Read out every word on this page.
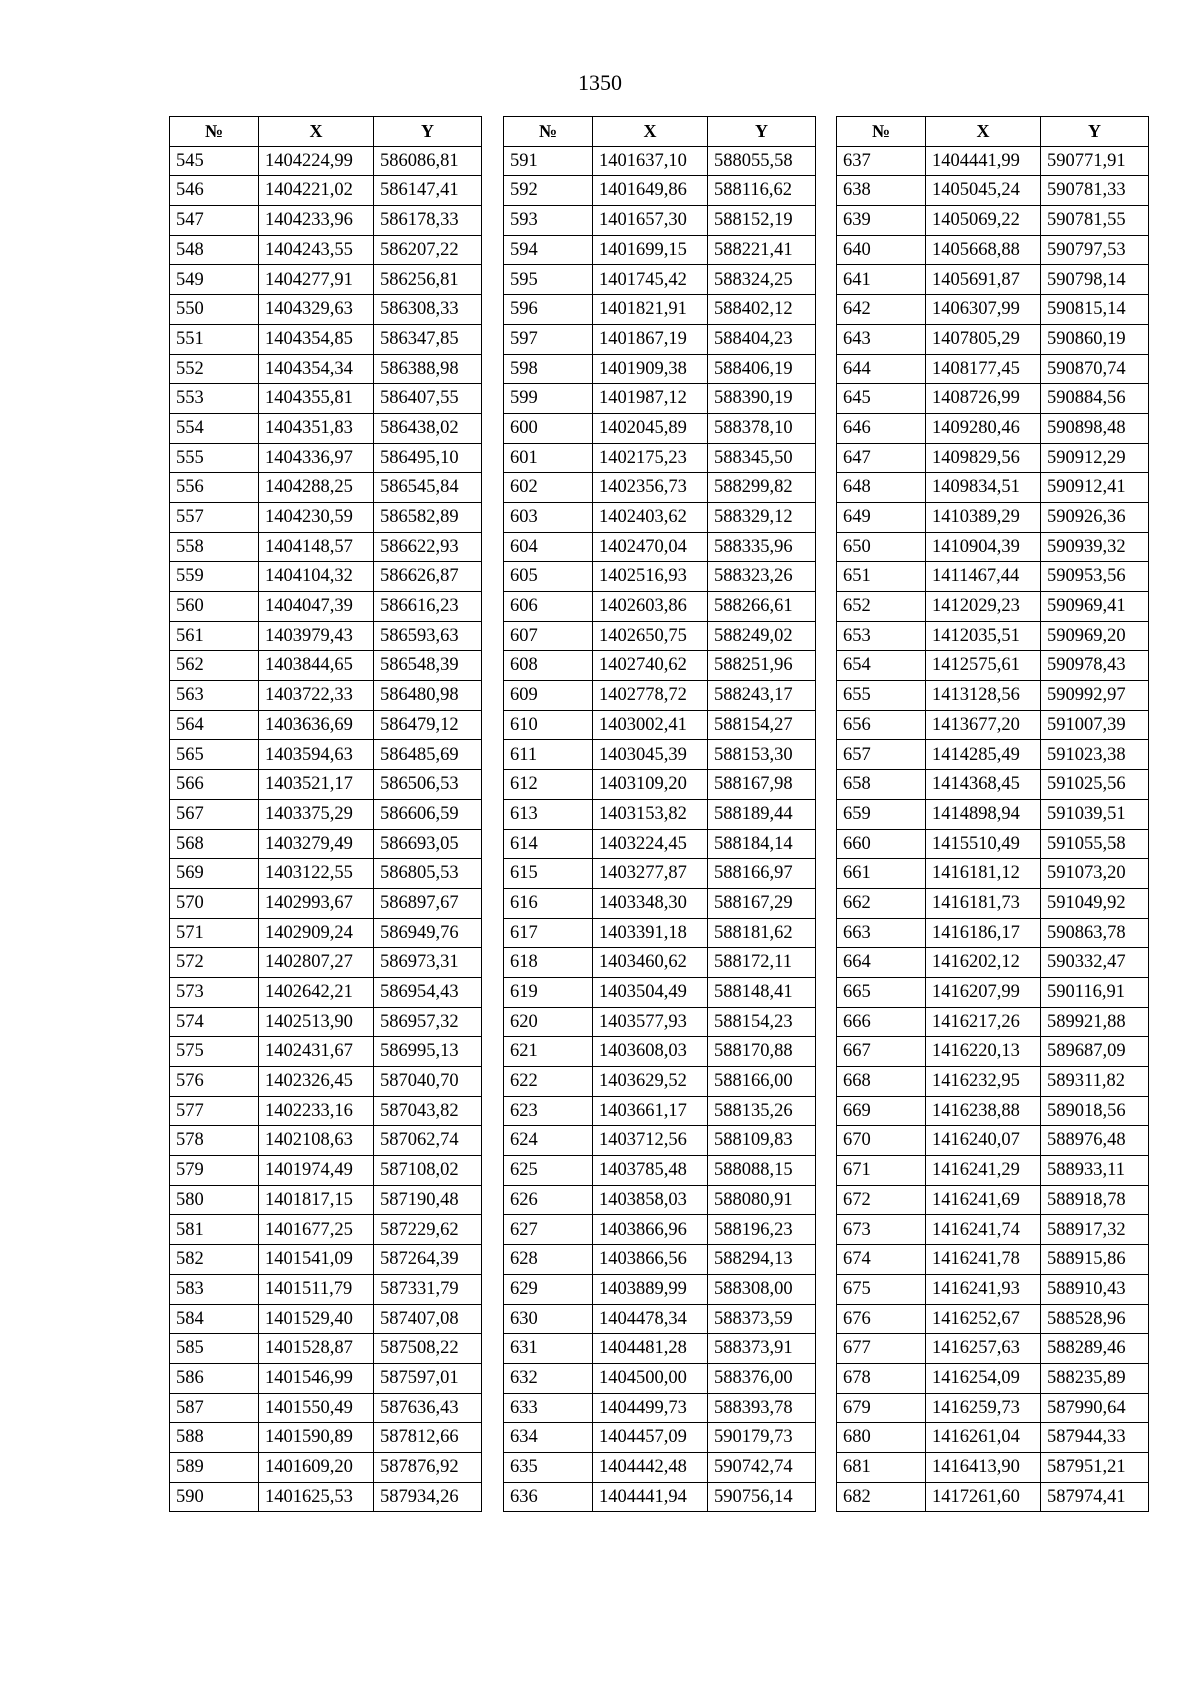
1350
№	X	Y
545	1404224,99	586086,81
546	1404221,02	586147,41
547	1404233,96	586178,33
548	1404243,55	586207,22
549	1404277,91	586256,81
550	1404329,63	586308,33
551	1404354,85	586347,85
552	1404354,34	586388,98
553	1404355,81	586407,55
554	1404351,83	586438,02
555	1404336,97	586495,10
556	1404288,25	586545,84
557	1404230,59	586582,89
558	1404148,57	586622,93
559	1404104,32	586626,87
560	1404047,39	586616,23
561	1403979,43	586593,63
562	1403844,65	586548,39
563	1403722,33	586480,98
564	1403636,69	586479,12
565	1403594,63	586485,69
566	1403521,17	586506,53
567	1403375,29	586606,59
568	1403279,49	586693,05
569	1403122,55	586805,53
570	1402993,67	586897,67
571	1402909,24	586949,76
572	1402807,27	586973,31
573	1402642,21	586954,43
574	1402513,90	586957,32
575	1402431,67	586995,13
576	1402326,45	587040,70
577	1402233,16	587043,82
578	1402108,63	587062,74
579	1401974,49	587108,02
580	1401817,15	587190,48
581	1401677,25	587229,62
582	1401541,09	587264,39
583	1401511,79	587331,79
584	1401529,40	587407,08
585	1401528,87	587508,22
586	1401546,99	587597,01
587	1401550,49	587636,43
588	1401590,89	587812,66
589	1401609,20	587876,92
590	1401625,53	587934,26
№	X	Y
591	1401637,10	588055,58
592	1401649,86	588116,62
593	1401657,30	588152,19
594	1401699,15	588221,41
595	1401745,42	588324,25
596	1401821,91	588402,12
597	1401867,19	588404,23
598	1401909,38	588406,19
599	1401987,12	588390,19
600	1402045,89	588378,10
601	1402175,23	588345,50
602	1402356,73	588299,82
603	1402403,62	588329,12
604	1402470,04	588335,96
605	1402516,93	588323,26
606	1402603,86	588266,61
607	1402650,75	588249,02
608	1402740,62	588251,96
609	1402778,72	588243,17
610	1403002,41	588154,27
611	1403045,39	588153,30
612	1403109,20	588167,98
613	1403153,82	588189,44
614	1403224,45	588184,14
615	1403277,87	588166,97
616	1403348,30	588167,29
617	1403391,18	588181,62
618	1403460,62	588172,11
619	1403504,49	588148,41
620	1403577,93	588154,23
621	1403608,03	588170,88
622	1403629,52	588166,00
623	1403661,17	588135,26
624	1403712,56	588109,83
625	1403785,48	588088,15
626	1403858,03	588080,91
627	1403866,96	588196,23
628	1403866,56	588294,13
629	1403889,99	588308,00
630	1404478,34	588373,59
631	1404481,28	588373,91
632	1404500,00	588376,00
633	1404499,73	588393,78
634	1404457,09	590179,73
635	1404442,48	590742,74
636	1404441,94	590756,14
№	X	Y
637	1404441,99	590771,91
638	1405045,24	590781,33
639	1405069,22	590781,55
640	1405668,88	590797,53
641	1405691,87	590798,14
642	1406307,99	590815,14
643	1407805,29	590860,19
644	1408177,45	590870,74
645	1408726,99	590884,56
646	1409280,46	590898,48
647	1409829,56	590912,29
648	1409834,51	590912,41
649	1410389,29	590926,36
650	1410904,39	590939,32
651	1411467,44	590953,56
652	1412029,23	590969,41
653	1412035,51	590969,20
654	1412575,61	590978,43
655	1413128,56	590992,97
656	1413677,20	591007,39
657	1414285,49	591023,38
658	1414368,45	591025,56
659	1414898,94	591039,51
660	1415510,49	591055,58
661	1416181,12	591073,20
662	1416181,73	591049,92
663	1416186,17	590863,78
664	1416202,12	590332,47
665	1416207,99	590116,91
666	1416217,26	589921,88
667	1416220,13	589687,09
668	1416232,95	589311,82
669	1416238,88	589018,56
670	1416240,07	588976,48
671	1416241,29	588933,11
672	1416241,69	588918,78
673	1416241,74	588917,32
674	1416241,78	588915,86
675	1416241,93	588910,43
676	1416252,67	588528,96
677	1416257,63	588289,46
678	1416254,09	588235,89
679	1416259,73	587990,64
680	1416261,04	587944,33
681	1416413,90	587951,21
682	1417261,60	587974,41
